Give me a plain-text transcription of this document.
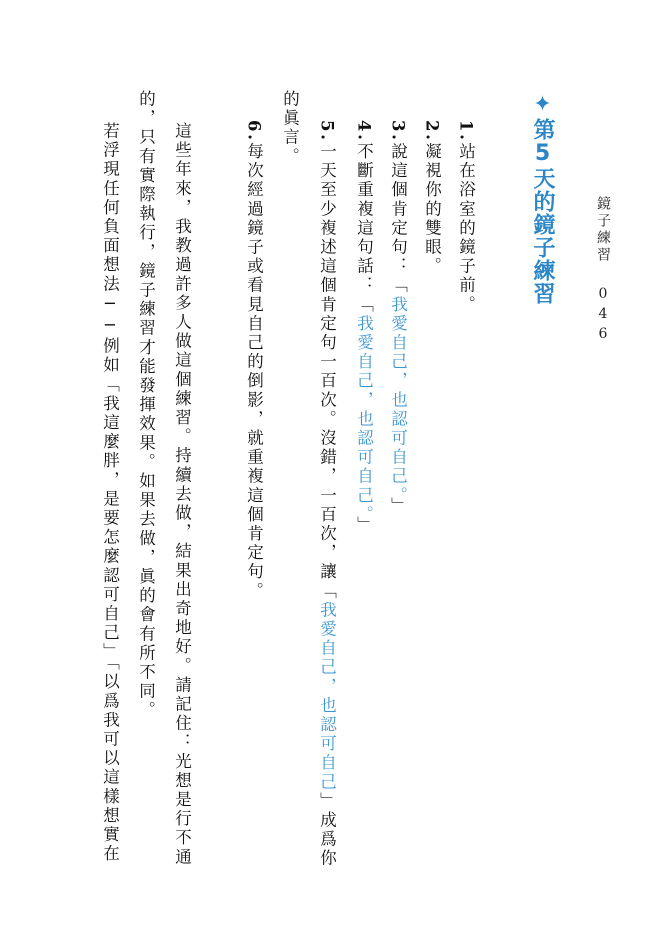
鏡子練習046
✦第5天的鏡子練習
1.站在浴室的鏡子前。
2.凝視你的雙眼。
3.說這個肯定句：「我愛自己，也認可自己。」
4.不斷重複這句話：「我愛自己，也認可自己。」
5.一天至少複述這個肯定句一百次。沒錯，一百次，讓「我愛自己，也認可自己」成爲你
的眞言。
6.每次經過鏡子或看見自己的倒影，就重複這個肯定句。
這些年來，我教過許多人做這個練習。持續去做，結果出奇地好。請記住：光想是行不通
的，只有實際執行，鏡子練習才能發揮效果。如果去做，眞的會有所不同。
若浮現任何負面想法──例如「我這麼胖，是要怎麼認可自己」「以爲我可以這樣想實在
